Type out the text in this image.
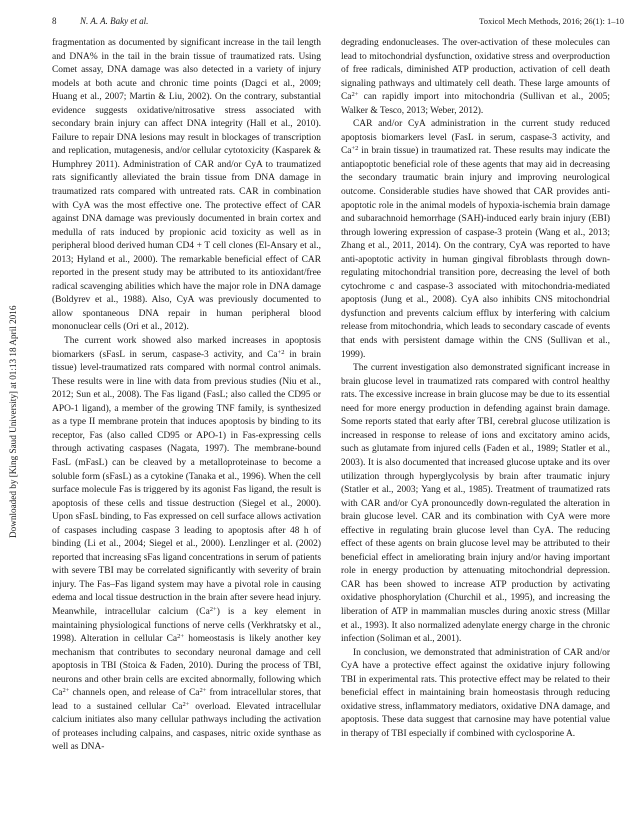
8	N. A. A. Baky et al.	Toxicol Mech Methods, 2016; 26(1): 1–10
Downloaded by [King Saud University] at 01:13 18 April 2016

fragmentation as documented by significant increase in the tail length and DNA% in the tail in the brain tissue of traumatized rats. Using Comet assay, DNA damage was also detected in a variety of injury models at both acute and chronic time points (Dagci et al., 2009; Huang et al., 2007; Martin & Liu, 2002). On the contrary, substantial evidence suggests oxidative/nitrosative stress associated with secondary brain injury can affect DNA integrity (Hall et al., 2010). Failure to repair DNA lesions may result in blockages of transcription and replication, mutagenesis, and/or cellular cytotoxicity (Kasparek & Humphrey 2011). Administration of CAR and/or CyA to traumatized rats significantly alleviated the brain tissue from DNA damage in traumatized rats compared with untreated rats. CAR in combination with CyA was the most effective one. The protective effect of CAR against DNA damage was previously documented in brain cortex and medulla of rats induced by propionic acid toxicity as well as in peripheral blood derived human CD4 + T cell clones (El-Ansary et al., 2013; Hyland et al., 2000). The remarkable beneficial effect of CAR reported in the present study may be attributed to its antioxidant/free radical scavenging abilities which have the major role in DNA damage (Boldyrev et al., 1988). Also, CyA was previously documented to allow spontaneous DNA repair in human peripheral blood mononuclear cells (Ori et al., 2012).

The current work showed also marked increases in apoptosis biomarkers (sFasL in serum, caspase-3 activity, and $Ca^{+2}$ in brain tissue) level-traumatized rats compared with normal control animals. These results were in line with data from previous studies (Niu et al., 2012; Sun et al., 2008). The Fas ligand (FasL; also called the CD95 or APO-1 ligand), a member of the growing TNF family, is synthesized as a type II membrane protein that induces apoptosis by binding to its receptor, Fas (also called CD95 or APO-1) in Fas-expressing cells through activating caspases (Nagata, 1997). The membrane-bound FasL (mFasL) can be cleaved by a metalloproteinase to become a soluble form (sFasL) as a cytokine (Tanaka et al., 1996). When the cell surface molecule Fas is triggered by its agonist Fas ligand, the result is apoptosis of these cells and tissue destruction (Siegel et al., 2000). Upon sFasL binding, to Fas expressed on cell surface allows activation of caspases including caspase 3 leading to apoptosis after 48 h of binding (Li et al., 2004; Siegel et al., 2000). Lenzlinger et al. (2002) reported that increasing sFas ligand concentrations in serum of patients with severe TBI may be correlated significantly with severity of brain injury. The Fas–Fas ligand system may have a pivotal role in causing edema and local tissue destruction in the brain after severe head injury. Meanwhile, intracellular calcium $(Ca^{2+})$ is a key element in maintaining physiological functions of nerve cells (Verkhratsky et al., 1998). Alteration in cellular $Ca^{2+}$ homeostasis is likely another key mechanism that contributes to secondary neuronal damage and cell apoptosis in TBI (Stoica & Faden, 2010). During the process of TBI, neurons and other brain cells are excited abnormally, following which $Ca^{2+}$ channels open, and release of $Ca^{2+}$ from intracellular stores, that lead to a sustained cellular $Ca^{2+}$ overload. Elevated intracellular calcium initiates also many cellular pathways including the activation of proteases including calpains, and caspases, nitric oxide synthase as well as DNA-

degrading endonucleases. The over-activation of these molecules can lead to mitochondrial dysfunction, oxidative stress and overproduction of free radicals, diminished ATP production, activation of cell death signaling pathways and ultimately cell death. These large amounts of $Ca^{2+}$ can rapidly import into mitochondria (Sullivan et al., 2005; Walker & Tesco, 2013; Weber, 2012).

CAR and/or CyA administration in the current study reduced apoptosis biomarkers level (FasL in serum, caspase-3 activity, and $Ca^{+2}$ in brain tissue) in traumatized rat. These results may indicate the antiapoptotic beneficial role of these agents that may aid in decreasing the secondary traumatic brain injury and improving neurological outcome. Considerable studies have showed that CAR provides anti-apoptotic role in the animal models of hypoxia-ischemia brain damage and subarachnoid hemorrhage (SAH)-induced early brain injury (EBI) through lowering expression of caspase-3 protein (Wang et al., 2013; Zhang et al., 2011, 2014). On the contrary, CyA was reported to have anti-apoptotic activity in human gingival fibroblasts through down-regulating mitochondrial transition pore, decreasing the level of both cytochrome c and caspase-3 associated with mitochondria-mediated apoptosis (Jung et al., 2008). CyA also inhibits CNS mitochondrial dysfunction and prevents calcium efflux by interfering with calcium release from mitochondria, which leads to secondary cascade of events that ends with persistent damage within the CNS (Sullivan et al., 1999).

The current investigation also demonstrated significant increase in brain glucose level in traumatized rats compared with control healthy rats. The excessive increase in brain glucose may be due to its essential need for more energy production in defending against brain damage. Some reports stated that early after TBI, cerebral glucose utilization is increased in response to release of ions and excitatory amino acids, such as glutamate from injured cells (Faden et al., 1989; Statler et al., 2003). It is also documented that increased glucose uptake and its over utilization through hyperglycolysis by brain after traumatic injury (Statler et al., 2003; Yang et al., 1985). Treatment of traumatized rats with CAR and/or CyA pronouncedly down-regulated the alteration in brain glucose level. CAR and its combination with CyA were more effective in regulating brain glucose level than CyA. The reducing effect of these agents on brain glucose level may be attributed to their beneficial effect in ameliorating brain injury and/or having important role in energy production by attenuating mitochondrial depression. CAR has been showed to increase ATP production by activating oxidative phosphorylation (Churchil et al., 1995), and increasing the liberation of ATP in mammalian muscles during anoxic stress (Millar et al., 1993). It also normalized adenylate energy charge in the chronic infection (Soliman et al., 2001).

In conclusion, we demonstrated that administration of CAR and/or CyA have a protective effect against the oxidative injury following TBI in experimental rats. This protective effect may be related to their beneficial effect in maintaining brain homeostasis through reducing oxidative stress, inflammatory mediators, oxidative DNA damage, and apoptosis. These data suggest that carnosine may have potential value in therapy of TBI especially if combined with cyclosporine A.
